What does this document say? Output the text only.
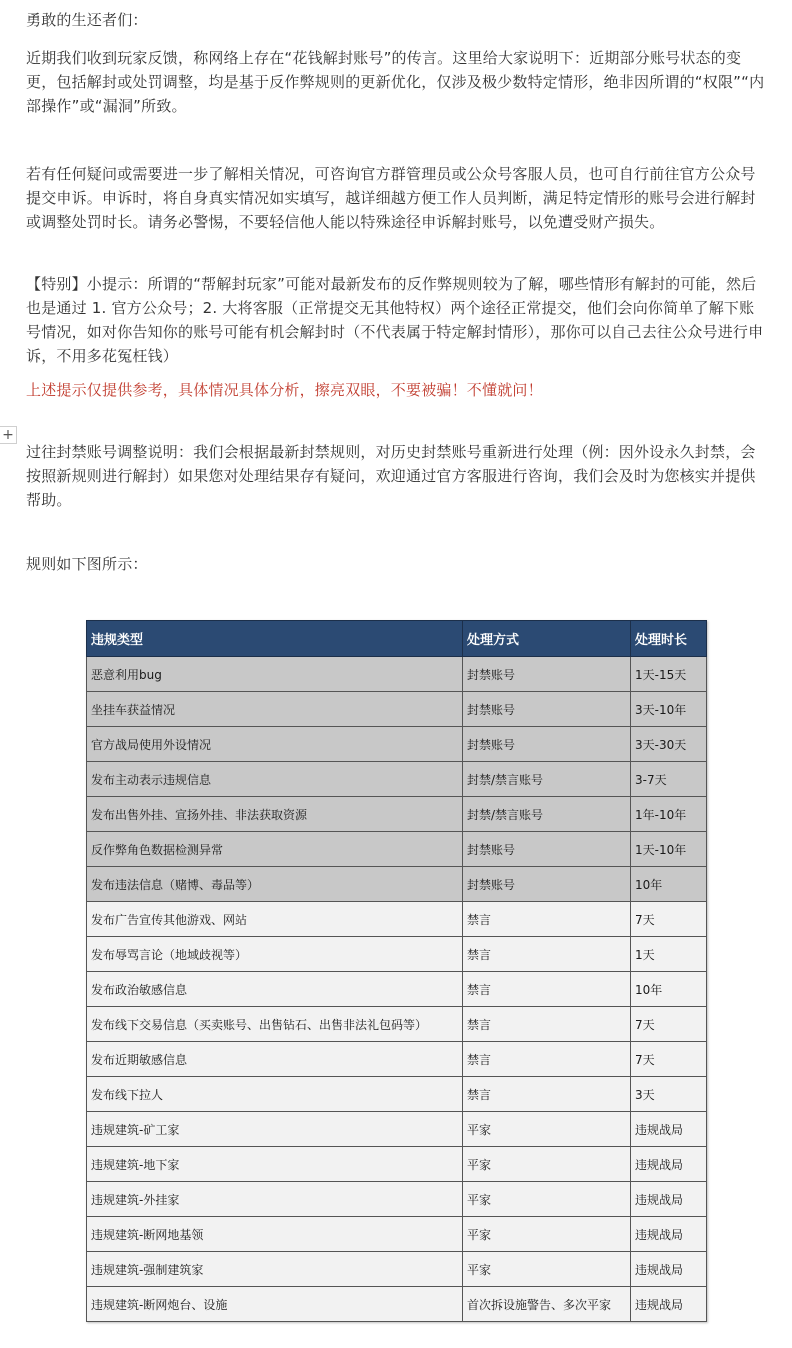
勇敢的生还者们：

近期我们收到玩家反馈，称网络上存在“花钱解封账号”的传言。这里给大家说明下：近期部分账号状态的变更，包括解封或处罚调整，均是基于反作弊规则的更新优化，仅涉及极少数特定情形，绝非因所谓的“权限”“内部操作”或“漏洞”所致。

若有任何疑问或需要进一步了解相关情况，可咨询官方群管理员或公众号客服人员，也可自行前往官方公众号提交申诉。申诉时，将自身真实情况如实填写，越详细越方便工作人员判断，满足特定情形的账号会进行解封或调整处罚时长。请务必警惕，不要轻信他人能以特殊途径申诉解封账号，以免遭受财产损失。

【特别】小提示：所谓的“帮解封玩家”可能对最新发布的反作弊规则较为了解，哪些情形有解封的可能，然后也是通过 1. 官方公众号；2. 大将客服（正常提交无其他特权）两个途径正常提交，他们会向你简单了解下账号情况，如对你告知你的账号可能有机会解封时（不代表属于特定解封情形），那你可以自己去往公众号进行申诉，不用多花冤枉钱）

上述提示仅提供参考，具体情况具体分析，擦亮双眼，不要被骗！不懂就问！

过往封禁账号调整说明：我们会根据最新封禁规则，对历史封禁账号重新进行处理（例：因外设永久封禁，会按照新规则进行解封）如果您对处理结果存有疑问，欢迎通过官方客服进行咨询，我们会及时为您核实并提供帮助。

规则如下图所示：

+
违规类型	处理方式	处理时长
恶意利用bug	封禁账号	1天-15天
坐挂车获益情况	封禁账号	3天-10年
官方战局使用外设情况	封禁账号	3天-30天
发布主动表示违规信息	封禁/禁言账号	3-7天
发布出售外挂、宣扬外挂、非法获取资源	封禁/禁言账号	1年-10年
反作弊角色数据检测异常	封禁账号	1天-10年
发布违法信息（赌博、毒品等）	封禁账号	10年
发布广告宣传其他游戏、网站	禁言	7天
发布辱骂言论（地域歧视等）	禁言	1天
发布政治敏感信息	禁言	10年
发布线下交易信息（买卖账号、出售钻石、出售非法礼包码等）	禁言	7天
发布近期敏感信息	禁言	7天
发布线下拉人	禁言	3天
违规建筑-矿工家	平家	违规战局
违规建筑-地下家	平家	违规战局
违规建筑-外挂家	平家	违规战局
违规建筑-断网地基领	平家	违规战局
违规建筑-强制建筑家	平家	违规战局
违规建筑-断网炮台、设施	首次拆设施警告、多次平家	违规战局
